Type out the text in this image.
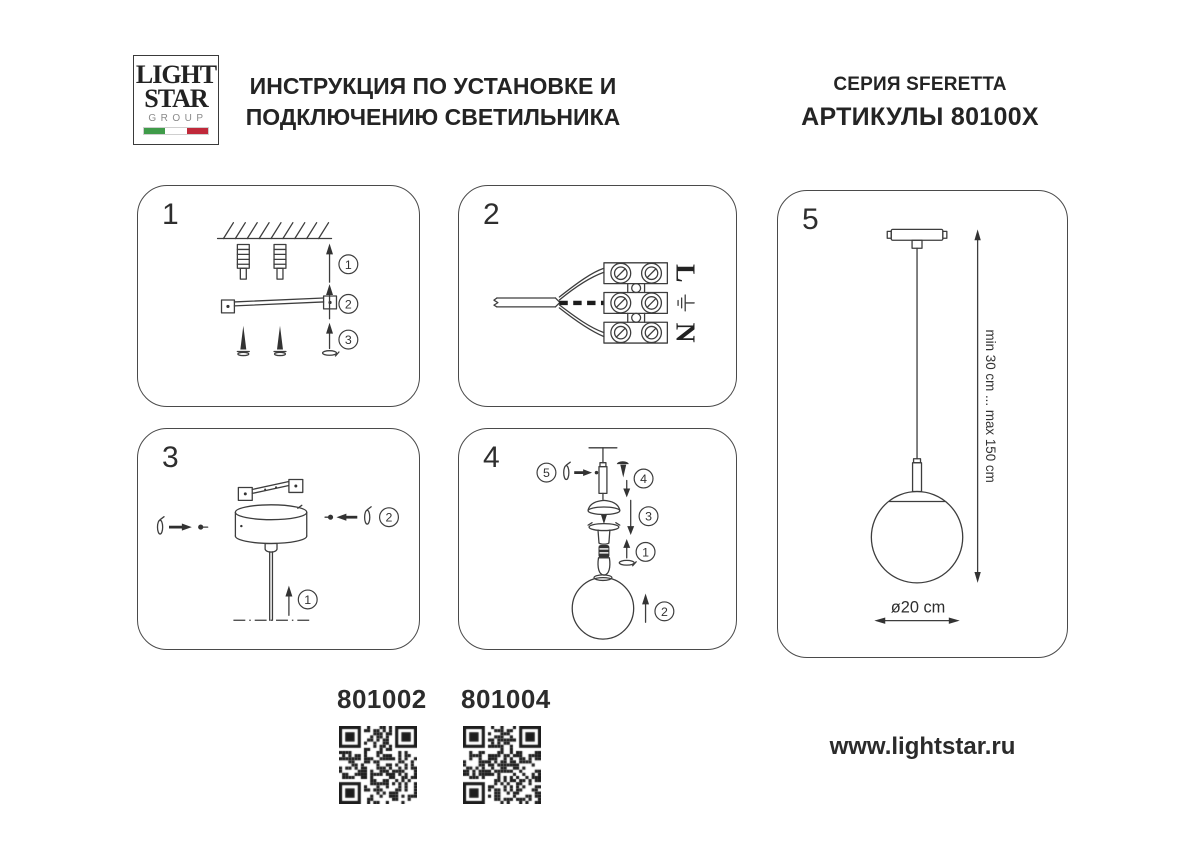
LIGHT
STAR
GROUP
ИНСТРУКЦИЯ ПО УСТАНОВКЕ И
ПОДКЛЮЧЕНИЮ СВЕТИЛЬНИКА
СЕРИЯ SFERETTA
АРТИКУЛЫ 80100X
1
1
2
3
2
L
N
3
1
2
4	5	4
3
1
2
5
min 30 cm ... max 150 cm
ø20 cm
801002 801004
www.lightstar.ru
